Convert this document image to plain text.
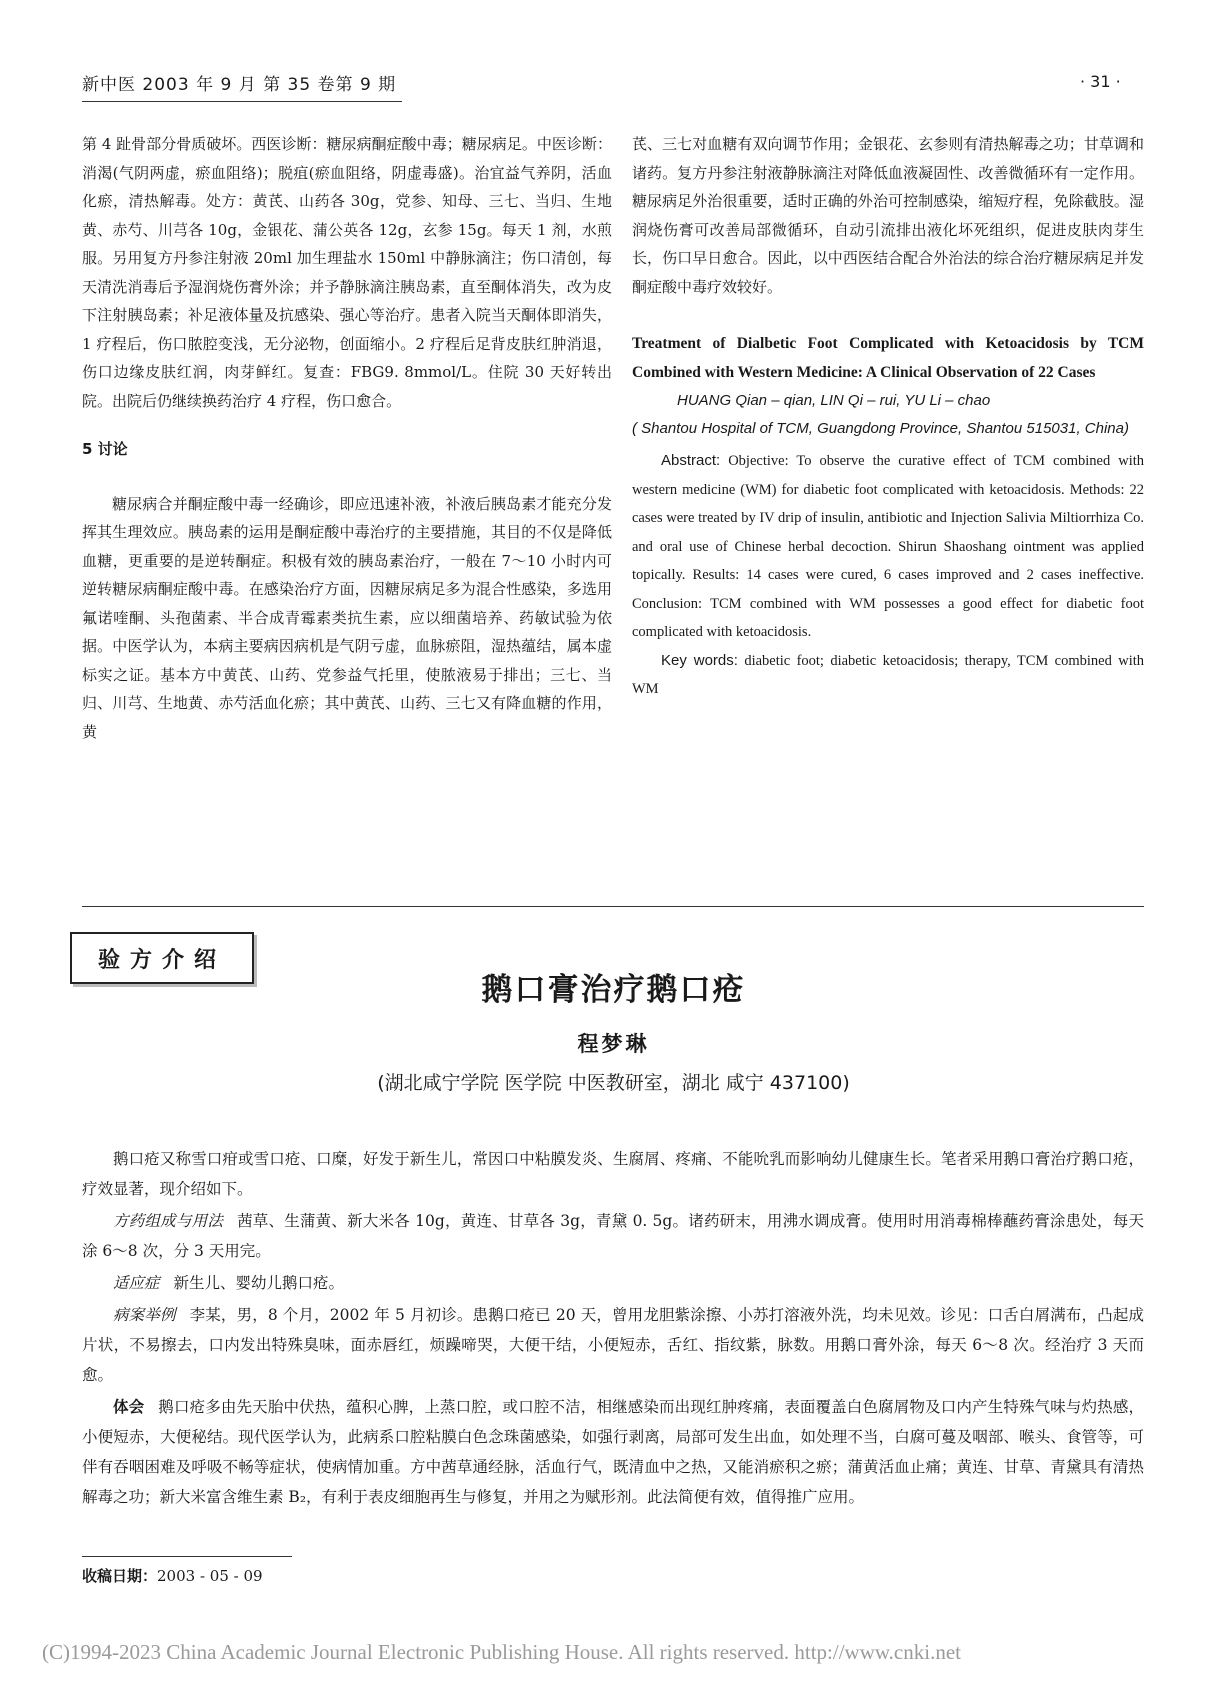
新中医 2003 年 9 月 第 35 卷第 9 期	· 31 ·

第 4 趾骨部分骨质破坏。西医诊断：糖尿病酮症酸中毒；糖尿病足。中医诊断：消渴(气阴两虚，瘀血阻络)；脱疽(瘀血阻络，阴虚毒盛)。治宜益气养阴，活血化瘀，清热解毒。处方：黄芪、山药各 30g，党参、知母、三七、当归、生地黄、赤芍、川芎各 10g，金银花、蒲公英各 12g，玄参 15g。每天 1 剂，水煎服。另用复方丹参注射液 20ml 加生理盐水 150ml 中静脉滴注；伤口清创，每天清洗消毒后予湿润烧伤膏外涂；并予静脉滴注胰岛素，直至酮体消失，改为皮下注射胰岛素；补足液体量及抗感染、强心等治疗。患者入院当天酮体即消失，1 疗程后，伤口脓腔变浅，无分泌物，创面缩小。2 疗程后足背皮肤红肿消退，伤口边缘皮肤红润，肉芽鲜红。复查：FBG9. 8mmol/L。住院 30 天好转出院。出院后仍继续换药治疗 4 疗程，伤口愈合。

5 讨论

糖尿病合并酮症酸中毒一经确诊，即应迅速补液，补液后胰岛素才能充分发挥其生理效应。胰岛素的运用是酮症酸中毒治疗的主要措施，其目的不仅是降低血糖，更重要的是逆转酮症。积极有效的胰岛素治疗，一般在 7～10 小时内可逆转糖尿病酮症酸中毒。在感染治疗方面，因糖尿病足多为混合性感染，多选用氟诺喹酮、头孢菌素、半合成青霉素类抗生素，应以细菌培养、药敏试验为依据。中医学认为，本病主要病因病机是气阴亏虚，血脉瘀阻，湿热蕴结，属本虚标实之证。基本方中黄芪、山药、党参益气托里，使脓液易于排出；三七、当归、川芎、生地黄、赤芍活血化瘀；其中黄芪、山药、三七又有降血糖的作用，黄

芪、三七对血糖有双向调节作用；金银花、玄参则有清热解毒之功；甘草调和诸药。复方丹参注射液静脉滴注对降低血液凝固性、改善微循环有一定作用。糖尿病足外治很重要，适时正确的外治可控制感染，缩短疗程，免除截肢。湿润烧伤膏可改善局部微循环，自动引流排出液化坏死组织，促进皮肤肉芽生长，伤口早日愈合。因此，以中西医结合配合外治法的综合治疗糖尿病足并发酮症酸中毒疗效较好。

Treatment of Dialbetic Foot Complicated with Ketoacidosis by TCM Combined with Western Medicine: A Clinical Observation of 22 Cases

HUANG Qian – qian, LIN Qi – rui, YU Li – chao

( Shantou Hospital of TCM, Guangdong Province, Shantou 515031, China)

Abstract: Objective: To observe the curative effect of TCM combined with western medicine (WM) for diabetic foot complicated with ketoacidosis. Methods: 22 cases were treated by IV drip of insulin, antibiotic and Injection Salivia Miltiorrhiza Co. and oral use of Chinese herbal decoction. Shirun Shaoshang ointment was applied topically. Results: 14 cases were cured, 6 cases improved and 2 cases ineffective. Conclusion: TCM combined with WM possesses a good effect for diabetic foot complicated with ketoacidosis.

Key words: diabetic foot; diabetic ketoacidosis; therapy, TCM combined with WM

验方介绍
鹅口膏治疗鹅口疮
程梦琳
(湖北咸宁学院 医学院 中医教研室，湖北 咸宁 437100)

鹅口疮又称雪口疳或雪口疮、口糜，好发于新生儿，常因口中粘膜发炎、生腐屑、疼痛、不能吮乳而影响幼儿健康生长。笔者采用鹅口膏治疗鹅口疮，疗效显著，现介绍如下。

方药组成与用法 茜草、生蒲黄、新大米各 10g，黄连、甘草各 3g，青黛 0. 5g。诸药研末，用沸水调成膏。使用时用消毒棉棒蘸药膏涂患处，每天涂 6～8 次，分 3 天用完。

适应症 新生儿、婴幼儿鹅口疮。

病案举例 李某，男，8 个月，2002 年 5 月初诊。患鹅口疮已 20 天，曾用龙胆紫涂擦、小苏打溶液外洗，均未见效。诊见：口舌白屑满布，凸起成片状，不易擦去，口内发出特殊臭味，面赤唇红，烦躁啼哭，大便干结，小便短赤，舌红、指纹紫，脉数。用鹅口膏外涂，每天 6～8 次。经治疗 3 天而愈。

体会 鹅口疮多由先天胎中伏热，蕴积心脾，上蒸口腔，或口腔不洁，相继感染而出现红肿疼痛，表面覆盖白色腐屑物及口内产生特殊气味与灼热感，小便短赤，大便秘结。现代医学认为，此病系口腔粘膜白色念珠菌感染，如强行剥离，局部可发生出血，如处理不当，白腐可蔓及咽部、喉头、食管等，可伴有吞咽困难及呼吸不畅等症状，使病情加重。方中茜草通经脉，活血行气，既清血中之热，又能消瘀积之瘀；蒲黄活血止痛；黄连、甘草、青黛具有清热解毒之功；新大米富含维生素 B₂，有利于表皮细胞再生与修复，并用之为赋形剂。此法简便有效，值得推广应用。

收稿日期：2003 - 05 - 09
(C)1994-2023 China Academic Journal Electronic Publishing House. All rights reserved. http://www.cnki.net
